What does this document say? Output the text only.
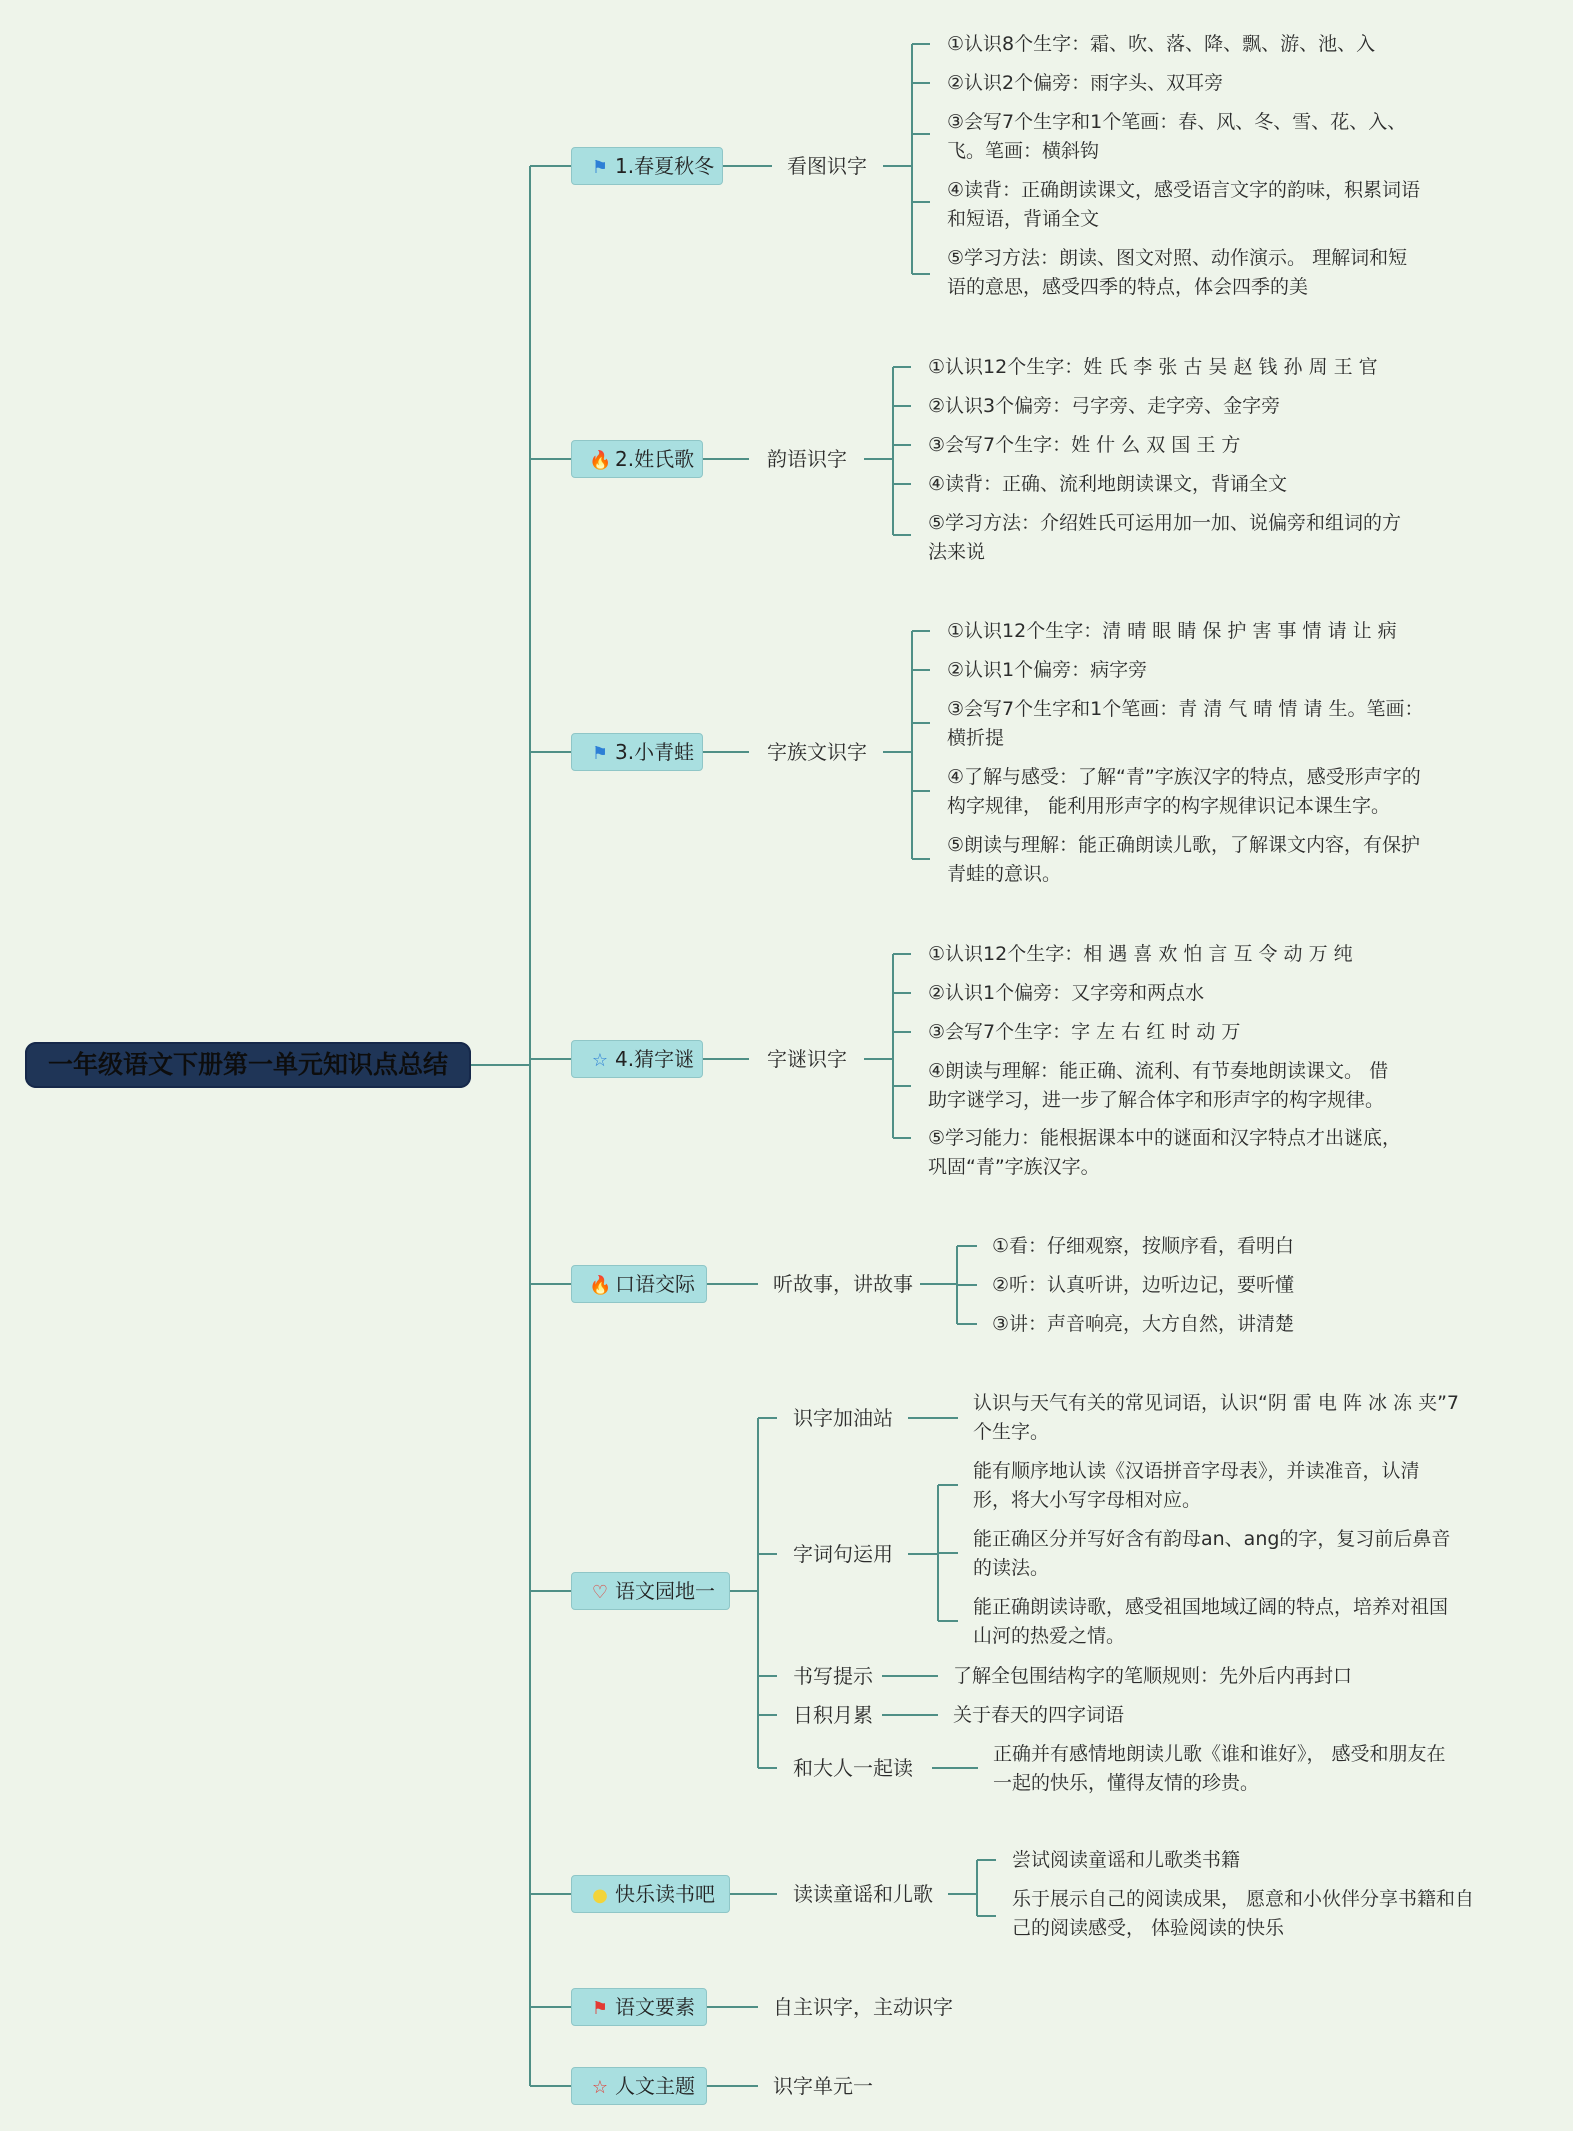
一年级语文下册第一单元知识点总结
⚑ 1.春夏秋冬	看图识字
①认识8个生字：霜、吹、落、降、飘、游、池、入
②认识2个偏旁：雨字头、双耳旁
③会写7个生字和1个笔画：春、风、冬、雪、花、入、
飞。笔画：横斜钩
④读背：正确朗读课文，感受语言文字的韵味，积累词语
和短语，背诵全文
⑤学习方法：朗读、图文对照、动作演示。 理解词和短
语的意思，感受四季的特点，体会四季的美
🔥 2.姓氏歌	韵语识字
①认识12个生字：姓 氏 李 张 古 吴 赵 钱 孙 周 王 官
②认识3个偏旁：弓字旁、走字旁、金字旁
③会写7个生字：姓 什 么 双 国 王 方
④读背：正确、流利地朗读课文，背诵全文
⑤学习方法：介绍姓氏可运用加一加、说偏旁和组词的方
法来说
⚑ 3.小青蛙	字族文识字
①认识12个生字：清 晴 眼 睛 保 护 害 事 情 请 让 病
②认识1个偏旁：病字旁
③会写7个生字和1个笔画：青 清 气 晴 情 请 生。笔画：
横折提
④了解与感受：了解“青”字族汉字的特点，感受形声字的
构字规律， 能利用形声字的构字规律识记本课生字。
⑤朗读与理解：能正确朗读儿歌，了解课文内容，有保护
青蛙的意识。
☆ 4.猜字谜	字谜识字
①认识12个生字：相 遇 喜 欢 怕 言 互 令 动 万 纯
②认识1个偏旁：又字旁和两点水
③会写7个生字：字 左 右 红 时 动 万
④朗读与理解：能正确、流利、有节奏地朗读课文。 借
助字谜学习，进一步了解合体字和形声字的构字规律。
⑤学习能力：能根据课本中的谜面和汉字特点才出谜底，
巩固“青”字族汉字。
🔥 口语交际	听故事，讲故事
①看：仔细观察，按顺序看，看明白
②听：认真听讲，边听边记，要听懂
③讲：声音响亮，大方自然，讲清楚
♡ 语文园地一
识字加油站
字词句运用
书写提示
日积月累
和大人一起读
认识与天气有关的常见词语，认识“阴 雷 电 阵 冰 冻 夹”7
个生字。
能有顺序地认读《汉语拼音字母表》，并读准音，认清
形，将大小写字母相对应。
能正确区分并写好含有韵母an、ang的字，复习前后鼻音
的读法。
能正确朗读诗歌，感受祖国地域辽阔的特点，培养对祖国
山河的热爱之情。
了解全包围结构字的笔顺规则：先外后内再封口
关于春天的四字词语
正确并有感情地朗读儿歌《谁和谁好》， 感受和朋友在
一起的快乐，懂得友情的珍贵。
● 快乐读书吧	读读童谣和儿歌
尝试阅读童谣和儿歌类书籍
乐于展示自己的阅读成果， 愿意和小伙伴分享书籍和自
己的阅读感受， 体验阅读的快乐
⚑ 语文要素	自主识字，主动识字
☆ 人文主题	识字单元一
